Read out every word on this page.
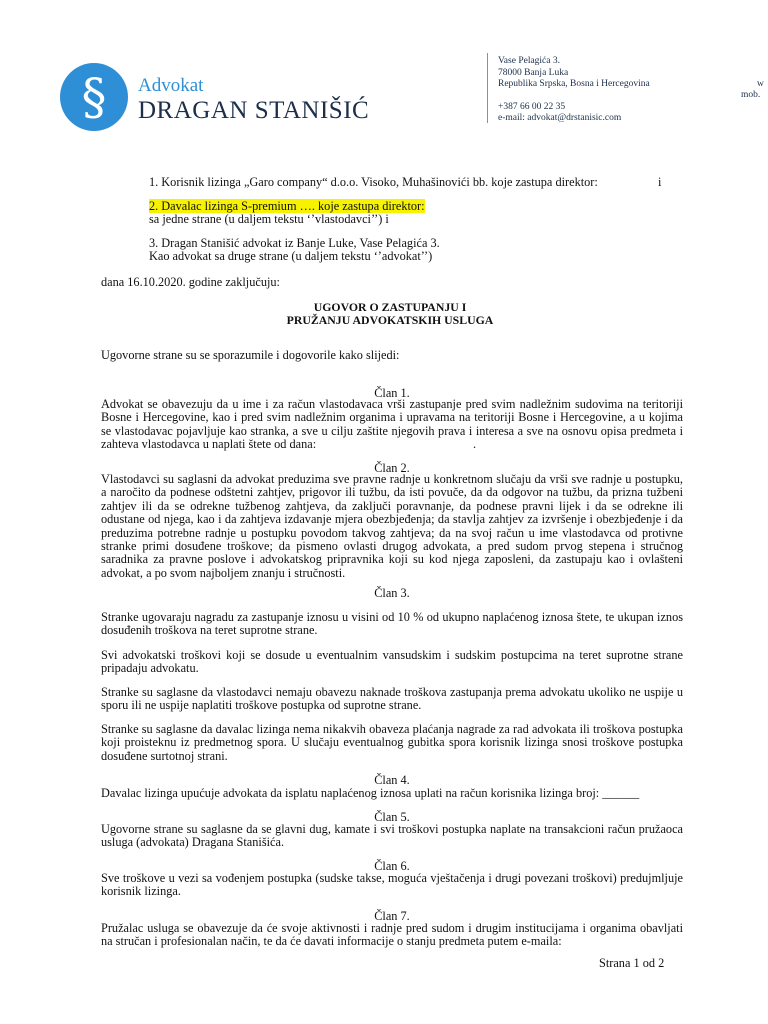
§	Advokat
DRAGAN STANIŠIĆ
Vase Pelagića 3.
78000 Banja Luka
Republika Srpska, Bosna i Hercegovina
+387 66 00 22 35
e-mail: advokat@drstanisic.com
w
mob.
1. Korisnik lizinga „Garo company“ d.o.o. Visoko, Muhašinovići bb. koje zastupa direktor:	i
2. Davalac lizinga S-premium …. koje zastupa direktor:
sa jedne strane (u daljem tekstu ‘’vlastodavci’’) i
3. Dragan Stanišić advokat iz Banje Luke, Vase Pelagića 3.
Kao advokat sa druge strane (u daljem tekstu ‘’advokat’’)
dana 16.10.2020. godine zaključuju:
UGOVOR O ZASTUPANJU I
PRUŽANJU ADVOKATSKIH USLUGA
Ugovorne strane su se sporazumile i dogovorile kako slijedi:
Član 1.
Advokat se obavezuju da u ime i za račun vlastodavaca vrši zastupanje pred svim nadležnim sudovima na teritoriji Bosne i Hercegovine, kao i pred svim nadležnim organima i upravama na teritoriji Bosne i Hercegovine, a u kojima se vlastodavac pojavljuje kao stranka, a sve u cilju zaštite njegovih prava i interesa a sve na osnovu opisa predmeta i zahteva vlastodavca u naplati štete od dana:	.
Član 2.
Vlastodavci su saglasni da advokat preduzima sve pravne radnje u konkretnom slučaju da vrši sve radnje u postupku, a naročito da podnese odštetni zahtjev, prigovor ili tužbu, da isti povuče, da da odgovor na tužbu, da prizna tužbeni zahtjev ili da se odrekne tužbenog zahtjeva, da zaključi poravnanje, da podnese pravni lijek i da se odrekne ili odustane od njega, kao i da zahtjeva izdavanje mjera obezbjeđenja; da stavlja zahtjev za izvršenje i obezbjeđenje i da preduzima potrebne radnje u postupku povodom takvog zahtjeva; da na svoj račun u ime vlastodavca od protivne stranke primi dosuđene troškove; da pismeno ovlasti drugog advokata, a pred sudom prvog stepena i stručnog saradnika za pravne poslove i advokatskog pripravnika koji su kod njega zaposleni, da zastupaju kao i ovlašteni advokat, a po svom najboljem znanju i stručnosti.
Član 3.
Stranke ugovaraju nagradu za zastupanje iznosu u visini od 10 % od ukupno naplaćenog iznosa štete, te ukupan iznos dosuđenih troškova na teret suprotne strane.
Svi advokatski troškovi koji se dosude u eventualnim vansudskim i sudskim postupcima na teret suprotne strane pripadaju advokatu.
Stranke su saglasne da vlastodavci nemaju obavezu naknade troškova zastupanja prema advokatu ukoliko ne uspije u sporu ili ne uspije naplatiti troškove postupka od suprotne strane.
Stranke su saglasne da davalac lizinga nema nikakvih obaveza plaćanja nagrade za rad advokata ili troškova postupka koji proisteknu iz predmetnog spora. U slučaju eventualnog gubitka spora korisnik lizinga snosi troškove postupka dosuđene surtotnoj strani.
Član 4.
Davalac lizinga upućuje advokata da isplatu naplaćenog iznosa uplati na račun korisnika lizinga broj: ______
Član 5.
Ugovorne strane su saglasne da se glavni dug, kamate i svi troškovi postupka naplate na transakcioni račun pružaoca usluga (advokata) Dragana Stanišića.
Član 6.
Sve troškove u vezi sa vođenjem postupka (sudske takse, moguća vještačenja i drugi povezani troškovi) predujmljuje korisnik lizinga.
Član 7.
Pružalac usluga se obavezuje da će svoje aktivnosti i radnje pred sudom i drugim institucijama i organima obavljati na stručan i profesionalan način, te da će davati informacije o stanju predmeta putem e-maila:
Strana 1 od 2
